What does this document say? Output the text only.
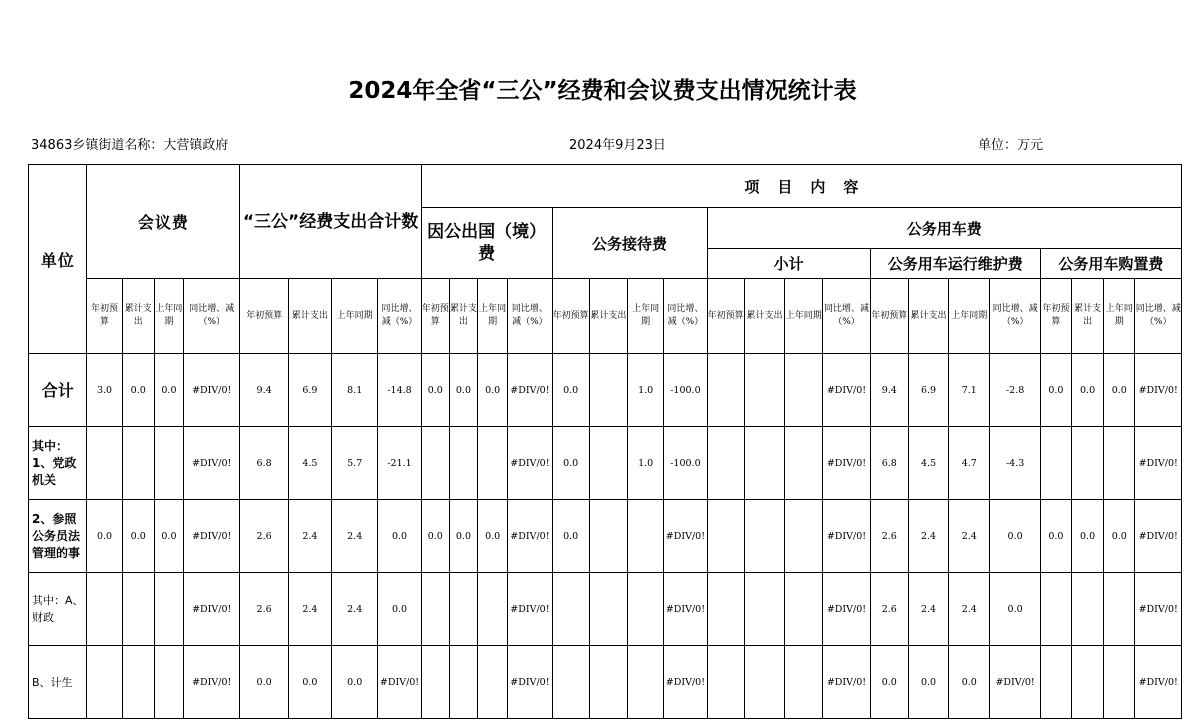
2024年全省“三公”经费和会议费支出情况统计表
34863乡镇街道名称：大营镇政府	2024年9月23日	单位：万元
单位	会议费				“三公”经费支出合计数				项目内容																			
									因公出国（境）费				公务接待费				公务用车费											
																	小计				公务用车运行维护费				公务用车购置费			
	年初预算	累计支出	上年同期	同比增、减（%）	年初预算	累计支出	上年同期	同比增、减（%）	年初预算	累计支出	上年同期	同比增、减（%）	年初预算	累计支出	上年同期	同比增、减（%）	年初预算	累计支出	上年同期	同比增、减（%）	年初预算	累计支出	上年同期	同比增、减（%）	年初预算	累计支出	上年同期	同比增、减（%）
合计	3.0	0.0	0.0	#DIV/0!	9.4	6.9	8.1	-14.8	0.0	0.0	0.0	#DIV/0!	0.0		1.0	-100.0				#DIV/0!	9.4	6.9	7.1	-2.8	0.0	0.0	0.0	#DIV/0!
其中：1、党政机关				#DIV/0!	6.8	4.5	5.7	-21.1				#DIV/0!	0.0		1.0	-100.0				#DIV/0!	6.8	4.5	4.7	-4.3				#DIV/0!
2、参照公务员法管理的事	0.0	0.0	0.0	#DIV/0!	2.6	2.4	2.4	0.0	0.0	0.0	0.0	#DIV/0!	0.0			#DIV/0!				#DIV/0!	2.6	2.4	2.4	0.0	0.0	0.0	0.0	#DIV/0!
其中：A、财政				#DIV/0!	2.6	2.4	2.4	0.0				#DIV/0!				#DIV/0!				#DIV/0!	2.6	2.4	2.4	0.0				#DIV/0!
B、计生				#DIV/0!	0.0	0.0	0.0	#DIV/0!				#DIV/0!				#DIV/0!				#DIV/0!	0.0	0.0	0.0	#DIV/0!				#DIV/0!
